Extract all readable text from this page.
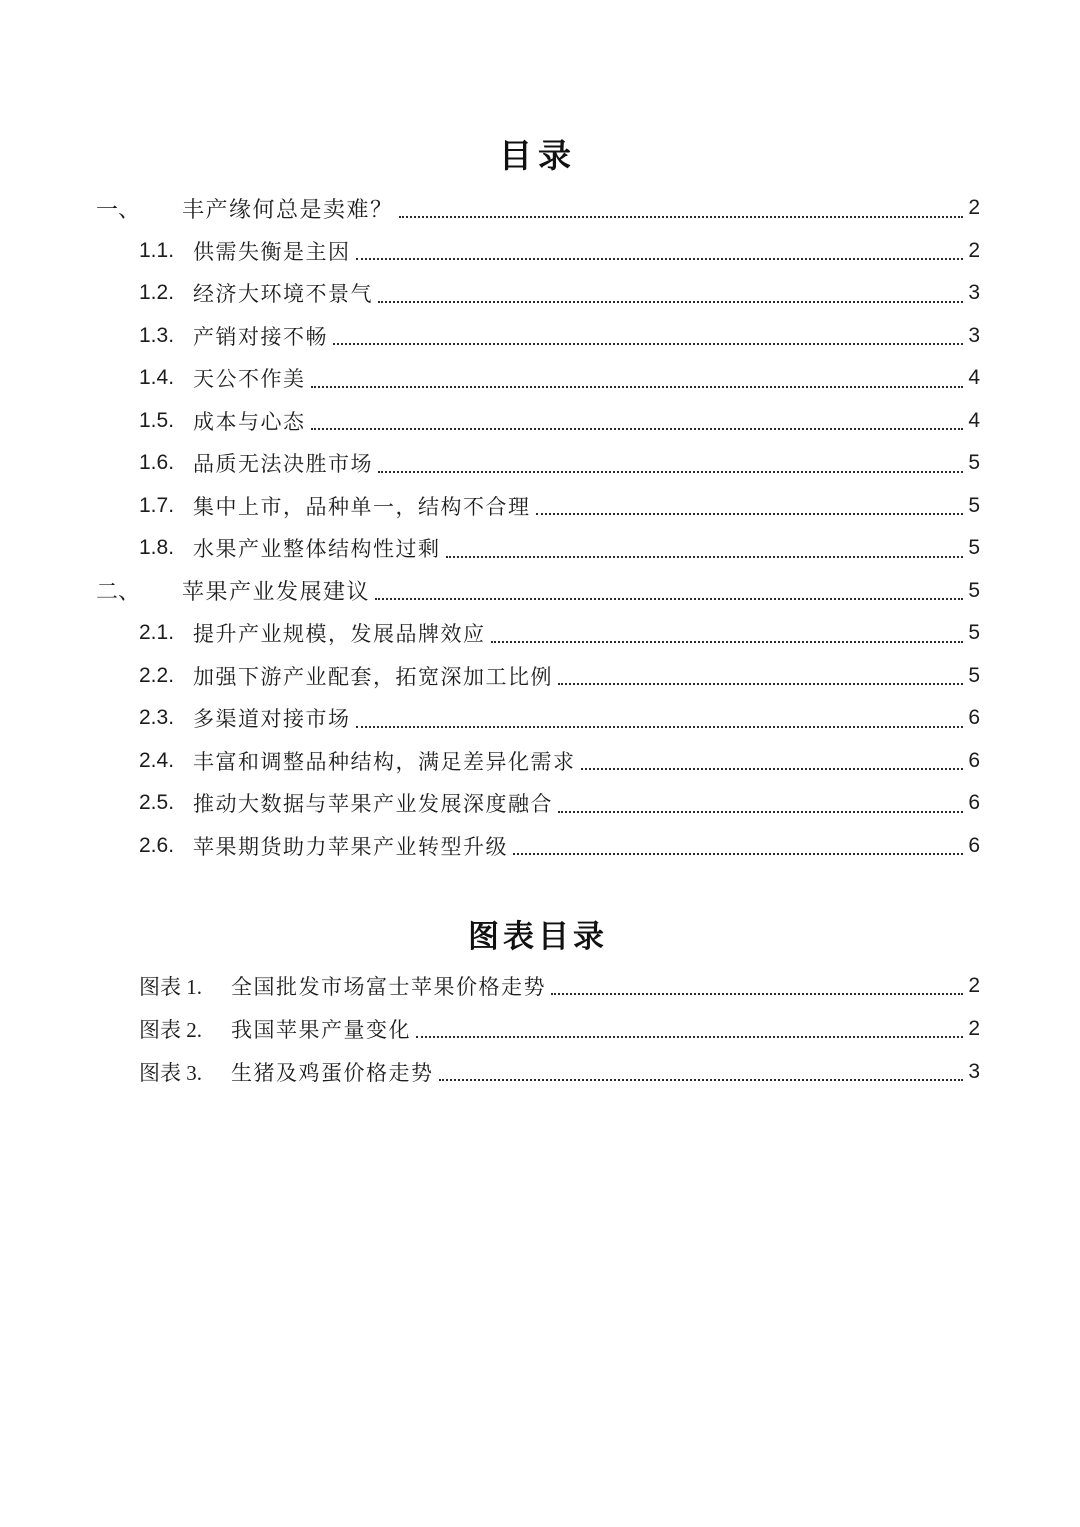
目录
一、	丰产缘何总是卖难？	2
1.1. 供需失衡是主因	2
1.2. 经济大环境不景气	3
1.3. 产销对接不畅	3
1.4. 天公不作美	4
1.5. 成本与心态	4
1.6. 品质无法决胜市场	5
1.7. 集中上市，品种单一，结构不合理	5
1.8. 水果产业整体结构性过剩	5
二、	苹果产业发展建议	5
2.1. 提升产业规模，发展品牌效应	5
2.2. 加强下游产业配套，拓宽深加工比例	5
2.3. 多渠道对接市场	6
2.4. 丰富和调整品种结构，满足差异化需求	6
2.5. 推动大数据与苹果产业发展深度融合	6
2.6. 苹果期货助力苹果产业转型升级	6
图表目录
图表 1.	全国批发市场富士苹果价格走势	2
图表 2.	我国苹果产量变化	2
图表 3.	生猪及鸡蛋价格走势	3
